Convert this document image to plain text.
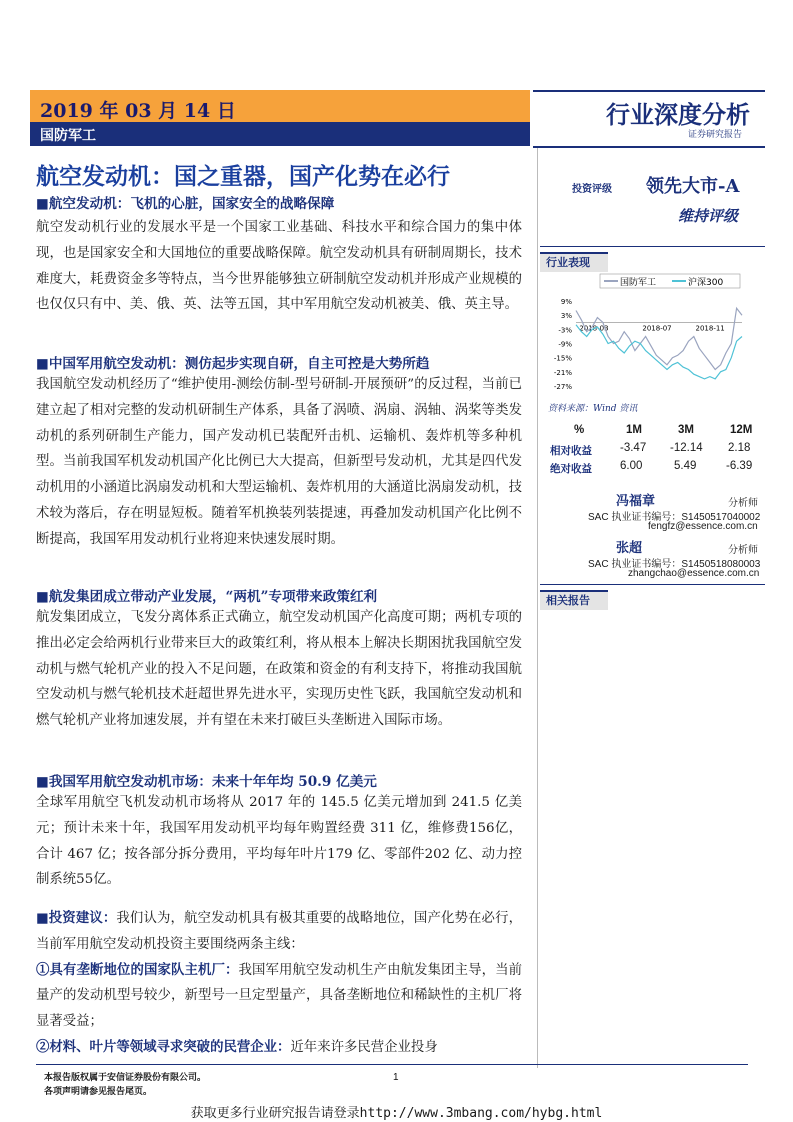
2019 年 03 月 14 日
国防军工
行业深度分析
证券研究报告
航空发动机：国之重器，国产化势在必行
■航空发动机：飞机的心脏，国家安全的战略保障
航空发动机行业的发展水平是一个国家工业基础、科技水平和综合国力的集中体现，也是国家安全和大国地位的重要战略保障。航空发动机具有研制周期长，技术难度大，耗费资金多等特点，当今世界能够独立研制航空发动机并形成产业规模的也仅仅只有中、美、俄、英、法等五国，其中军用航空发动机被美、俄、英主导。
■中国军用航空发动机：测仿起步实现自研，自主可控是大势所趋
我国航空发动机经历了“维护使用-测绘仿制-型号研制-开展预研”的反过程，当前已建立起了相对完整的发动机研制生产体系，具备了涡喷、涡扇、涡轴、涡桨等类发动机的系列研制生产能力，国产发动机已装配歼击机、运输机、轰炸机等多种机型。当前我国军机发动机国产化比例已大大提高，但新型号发动机，尤其是四代发动机用的小涵道比涡扇发动机和大型运输机、轰炸机用的大涵道比涡扇发动机，技术较为落后，存在明显短板。随着军机换装列装提速，再叠加发动机国产化比例不断提高，我国军用发动机行业将迎来快速发展时期。
■航发集团成立带动产业发展，“两机”专项带来政策红利
航发集团成立，飞发分离体系正式确立，航空发动机国产化高度可期；两机专项的推出必定会给两机行业带来巨大的政策红利，将从根本上解决长期困扰我国航空发动机与燃气轮机产业的投入不足问题，在政策和资金的有利支持下，将推动我国航空发动机与燃气轮机技术赶超世界先进水平，实现历史性飞跃，我国航空发动机和燃气轮机产业将加速发展，并有望在未来打破巨头垄断进入国际市场。
■我国军用航空发动机市场：未来十年年均 50.9 亿美元
全球军用航空飞机发动机市场将从 2017 年的 145.5 亿美元增加到 241.5 亿美元；预计未来十年，我国军用发动机平均每年购置经费 311 亿，维修费156亿，合计 467 亿；按各部分拆分费用，平均每年叶片179 亿、零部件202 亿、动力控制系统55亿。
■投资建议：我们认为，航空发动机具有极其重要的战略地位，国产化势在必行，当前军用航空发动机投资主要围绕两条主线：
①具有垄断地位的国家队主机厂：我国军用航空发动机生产由航发集团主导，当前量产的发动机型号较少，新型号一旦定型量产，具备垄断地位和稀缺性的主机厂将显著受益；
②材料、叶片等领域寻求突破的民营企业：近年来许多民营企业投身
投资评级 领先大市-A
维持评级
行业表现
国防军工	沪深300
9%
3%
-3%
-9%
-15%
-21%
-27%
2018-03	2018-07	2018-11
资料来源：Wind 资讯
%	1M	3M	12M
相对收益 -3.47 -12.14 2.18
绝对收益 6.00	5.49	-6.39
冯福章	分析师
SAC 执业证书编号：S1450517040002
fengfz@essence.com.cn
张超	分析师
SAC 执业证书编号：S1450518080003
zhangchao@essence.com.cn
相关报告
本报告版权属于安信证券股份有限公司。
各项声明请参见报告尾页。
1
获取更多行业研究报告请登录http://www.3mbang.com/hybg.html
